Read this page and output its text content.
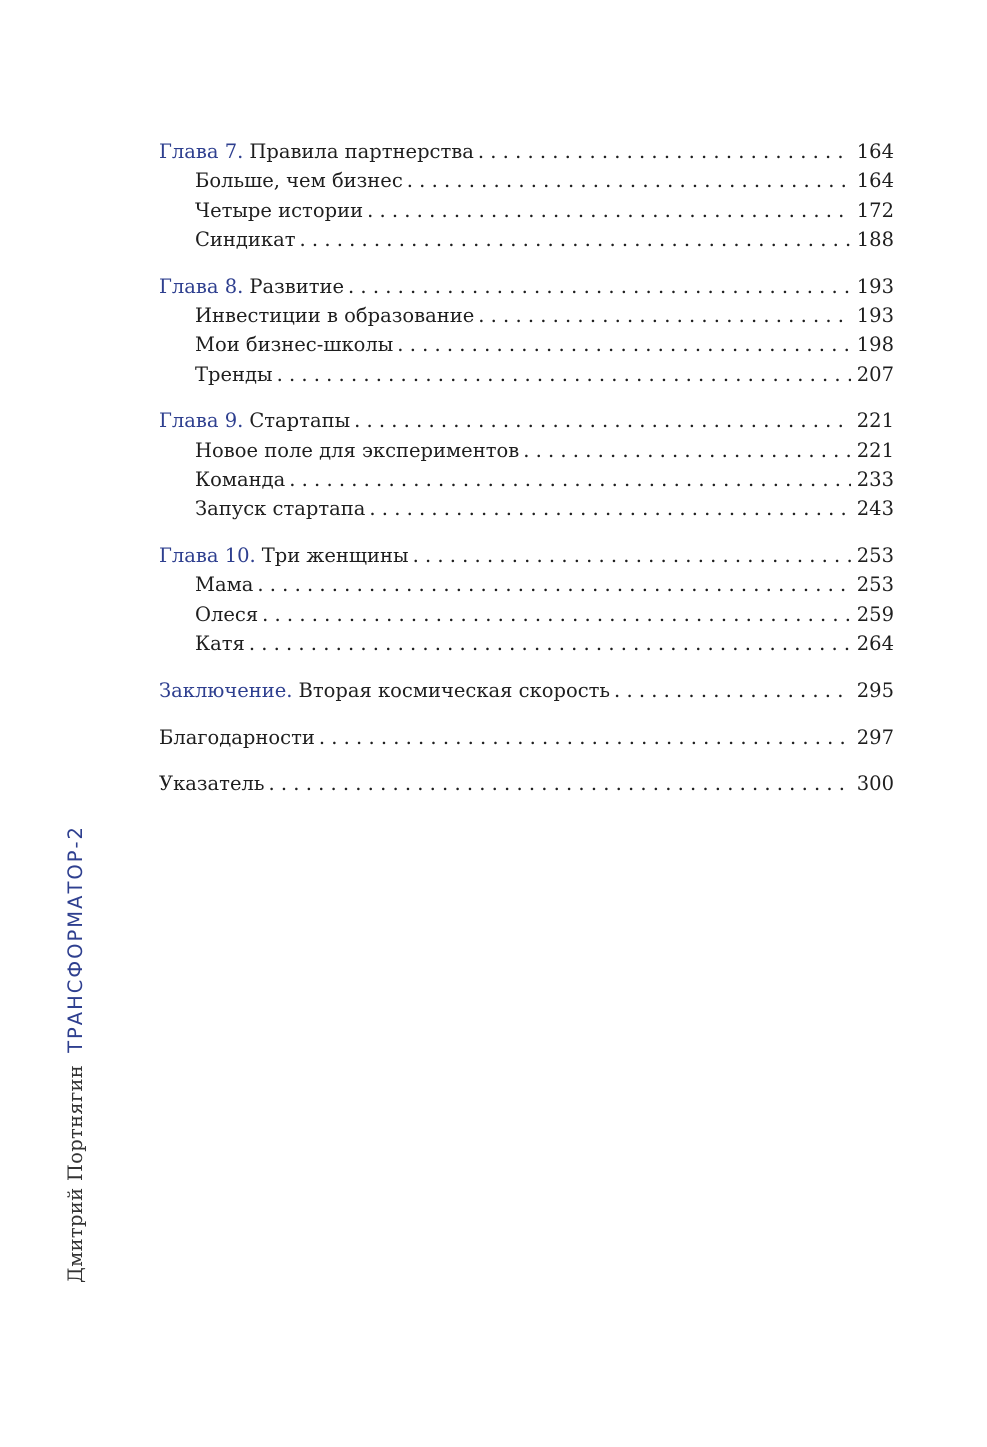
Глава 7. Правила партнерства . . .	164
Больше, чем бизнес . . .	164
Четыре истории . . .	172
Синдикат . . .	188
Глава 8. Развитие . . .	193
Инвестиции в образование . . .	193
Мои бизнес-школы . . .	198
Тренды . . .	207
Глава 9. Стартапы . . .	221
Новое поле для экспериментов . . .	221
Команда . . .	233
Запуск стартапа . . .	243
Глава 10. Три женщины . . .	253
Мама . . .	253
Олеся . . .	259
Катя . . .	264
Заключение. Вторая космическая скорость . . .	295
Благодарности . . .	297
Указатель . . .	300
Дмитрий ПортнягинТРАНСФОРМАТОР-2
